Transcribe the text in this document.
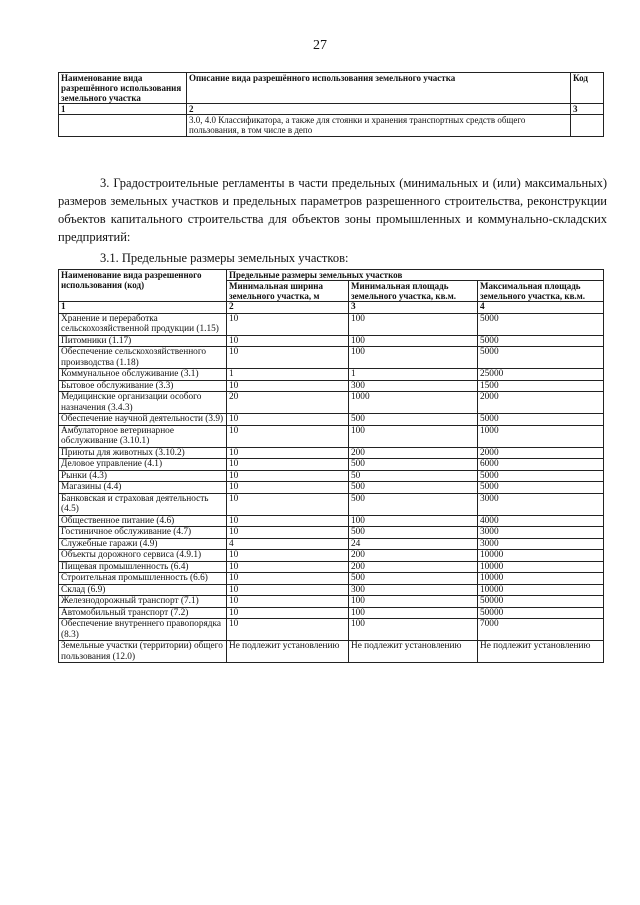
27
Наименование вида разрешённого использования земельного участка	Описание вида разрешённого использования земельного участка	Код
1	2	3
	3.0, 4.0 Классификатора, а также для стоянки и хранения транспортных средств общего пользования, в том числе в депо	

3. Градостроительные регламенты в части предельных (минимальных и (или) максимальных) размеров земельных участков и предельных параметров разрешенного строительства, реконструкции объектов капитального строительства для объектов зоны промышленных и коммунально-складских предприятий:

3.1. Предельные размеры земельных участков:

Наименование вида разрешенного использования (код)	Предельные размеры земельных участков		
	Минимальная ширина земельного участка, м	Минимальная площадь земельного участка, кв.м.	Максимальная площадь земельного участка, кв.м.
1	2	3	4
Хранение и переработка сельскохозяйственной продукции (1.15)	10	100	5000
Питомники (1.17)	10	100	5000
Обеспечение сельскохозяйственного производства (1.18)	10	100	5000
Коммунальное обслуживание (3.1)	1	1	25000
Бытовое обслуживание (3.3)	10	300	1500
Медицинские организации особого назначения (3.4.3)	20	1000	2000
Обеспечение научной деятельности (3.9)	10	500	5000
Амбулаторное ветеринарное обслуживание (3.10.1)	10	100	1000
Приюты для животных (3.10.2)	10	200	2000
Деловое управление (4.1)	10	500	6000
Рынки (4.3)	10	50	5000
Магазины (4.4)	10	500	5000
Банковская и страховая деятельность (4.5)	10	500	3000
Общественное питание (4.6)	10	100	4000
Гостиничное обслуживание (4.7)	10	500	3000
Служебные гаражи (4.9)	4	24	3000
Объекты дорожного сервиса (4.9.1)	10	200	10000
Пищевая промышленность (6.4)	10	200	10000
Строительная промышленность (6.6)	10	500	10000
Склад (6.9)	10	300	10000
Железнодорожный транспорт (7.1)	10	100	50000
Автомобильный транспорт (7.2)	10	100	50000
Обеспечение внутреннего правопорядка (8.3)	10	100	7000
Земельные участки (территории) общего пользования (12.0)	Не подлежит установлению	Не подлежит установлению	Не подлежит установлению
